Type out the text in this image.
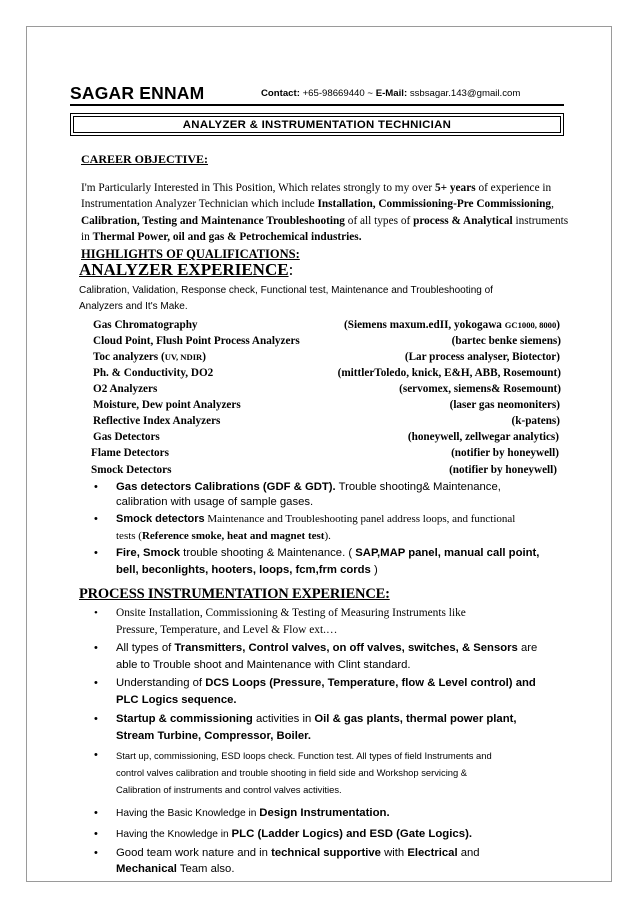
SAGAR ENNAM	Contact: +65-98669440 ~ E-Mail: ssbsagar.143@gmail.com
ANALYZER & INSTRUMENTATION TECHNICIAN
CAREER OBJECTIVE:
I'm Particularly Interested in This Position, Which relates strongly to my over 5+ years of experience in Instrumentation Analyzer Technician which include Installation, Commissioning-Pre Commissioning, Calibration, Testing and Maintenance Troubleshooting of all types of process & Analytical instruments in Thermal Power, oil and gas & Petrochemical industries.
HIGHLIGHTS OF QUALIFICATIONS:
ANALYZER EXPERIENCE:
Calibration, Validation, Response check, Functional test, Maintenance and Troubleshooting of Analyzers and It's Make.
Gas Chromatography	(Siemens maxum.edII, yokogawa GC1000, 8000)
Cloud Point, Flush Point Process Analyzers	(bartec benke siemens)
Toc analyzers (UV, NDIR)	(Lar process analyser, Biotector)
Ph. & Conductivity, DO2	(mittlerToledo, knick, E&H, ABB, Rosemount)
O2 Analyzers	(servomex, siemens& Rosemount)
Moisture, Dew point Analyzers	(laser gas neomoniters)
Reflective Index Analyzers	(k-patens)
Gas Detectors	(honeywell, zellwegar analytics)
Flame Detectors	(notifier by honeywell)
Smock Detectors	(notifier by honeywell)
• Gas detectors Calibrations (GDF & GDT). Trouble shooting& Maintenance,
calibration with usage of sample gases.
• Smock detectors Maintenance and Troubleshooting panel address loops, and functional
tests (Reference smoke, heat and magnet test).
• Fire, Smock trouble shooting & Maintenance. ( SAP,MAP panel, manual call point,
bell, beconlights, hooters, loops, fcm,frm cords )
PROCESS INSTRUMENTATION EXPERIENCE:
• Onsite Installation, Commissioning & Testing of Measuring Instruments like
Pressure, Temperature, and Level & Flow ext.…
• All types of Transmitters, Control valves, on off valves, switches, & Sensors are
able to Trouble shoot and Maintenance with Clint standard.
• Understanding of DCS Loops (Pressure, Temperature, flow & Level control) and
PLC Logics sequence.
• Startup & commissioning activities in Oil & gas plants, thermal power plant,
Stream Turbine, Compressor, Boiler.
• Start up, commissioning, ESD loops check. Function test. All types of field Instruments and
control valves calibration and trouble shooting in field side and Workshop servicing &
Calibration of instruments and control valves activities.
• Having the Basic Knowledge in Design Instrumentation.
• Having the Knowledge in PLC (Ladder Logics) and ESD (Gate Logics).
• Good team work nature and in technical supportive with Electrical and
Mechanical Team also.
